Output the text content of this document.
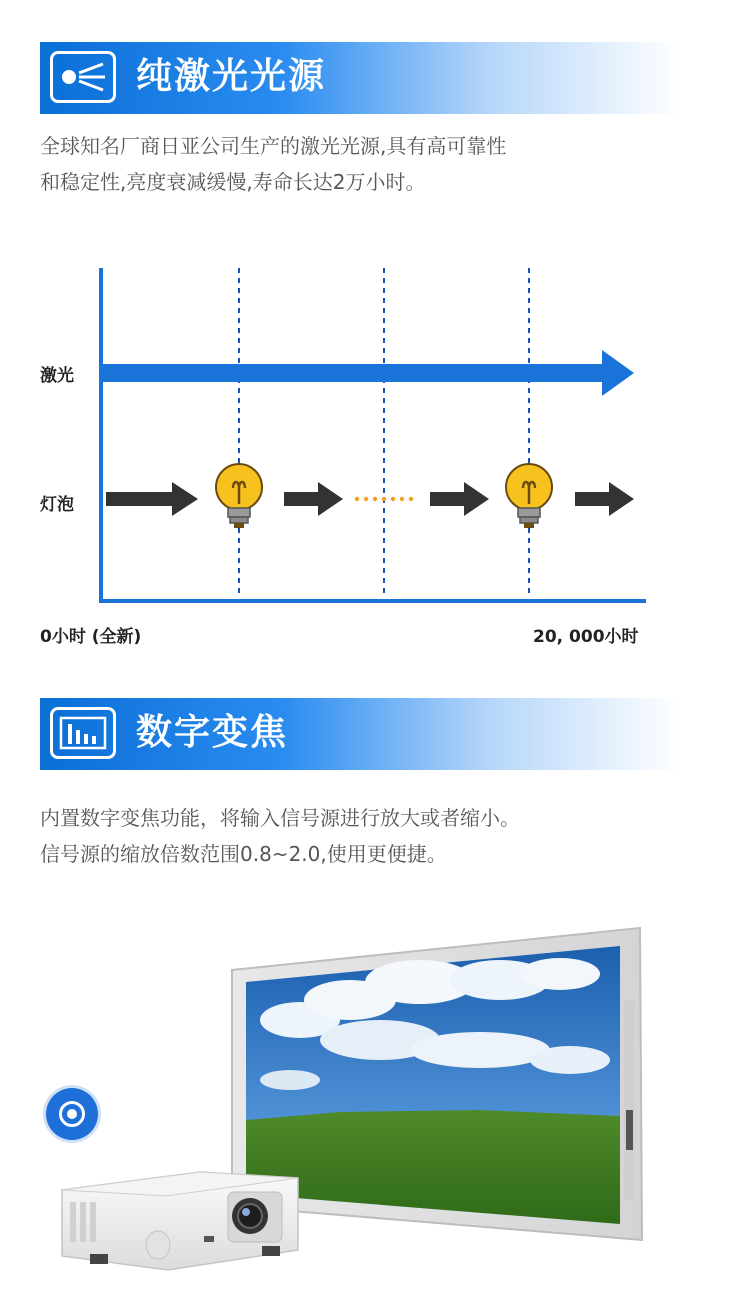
纯激光光源
全球知名厂商日亚公司生产的激光光源,具有高可靠性
和稳定性,亮度衰减缓慢,寿命长达2万小时。
激光
灯泡
0小时 (全新)	20, 000小时
数字变焦
内置数字变焦功能，将输入信号源进行放大或者缩小。
信号源的缩放倍数范围0.8~2.0,使用更便捷。
